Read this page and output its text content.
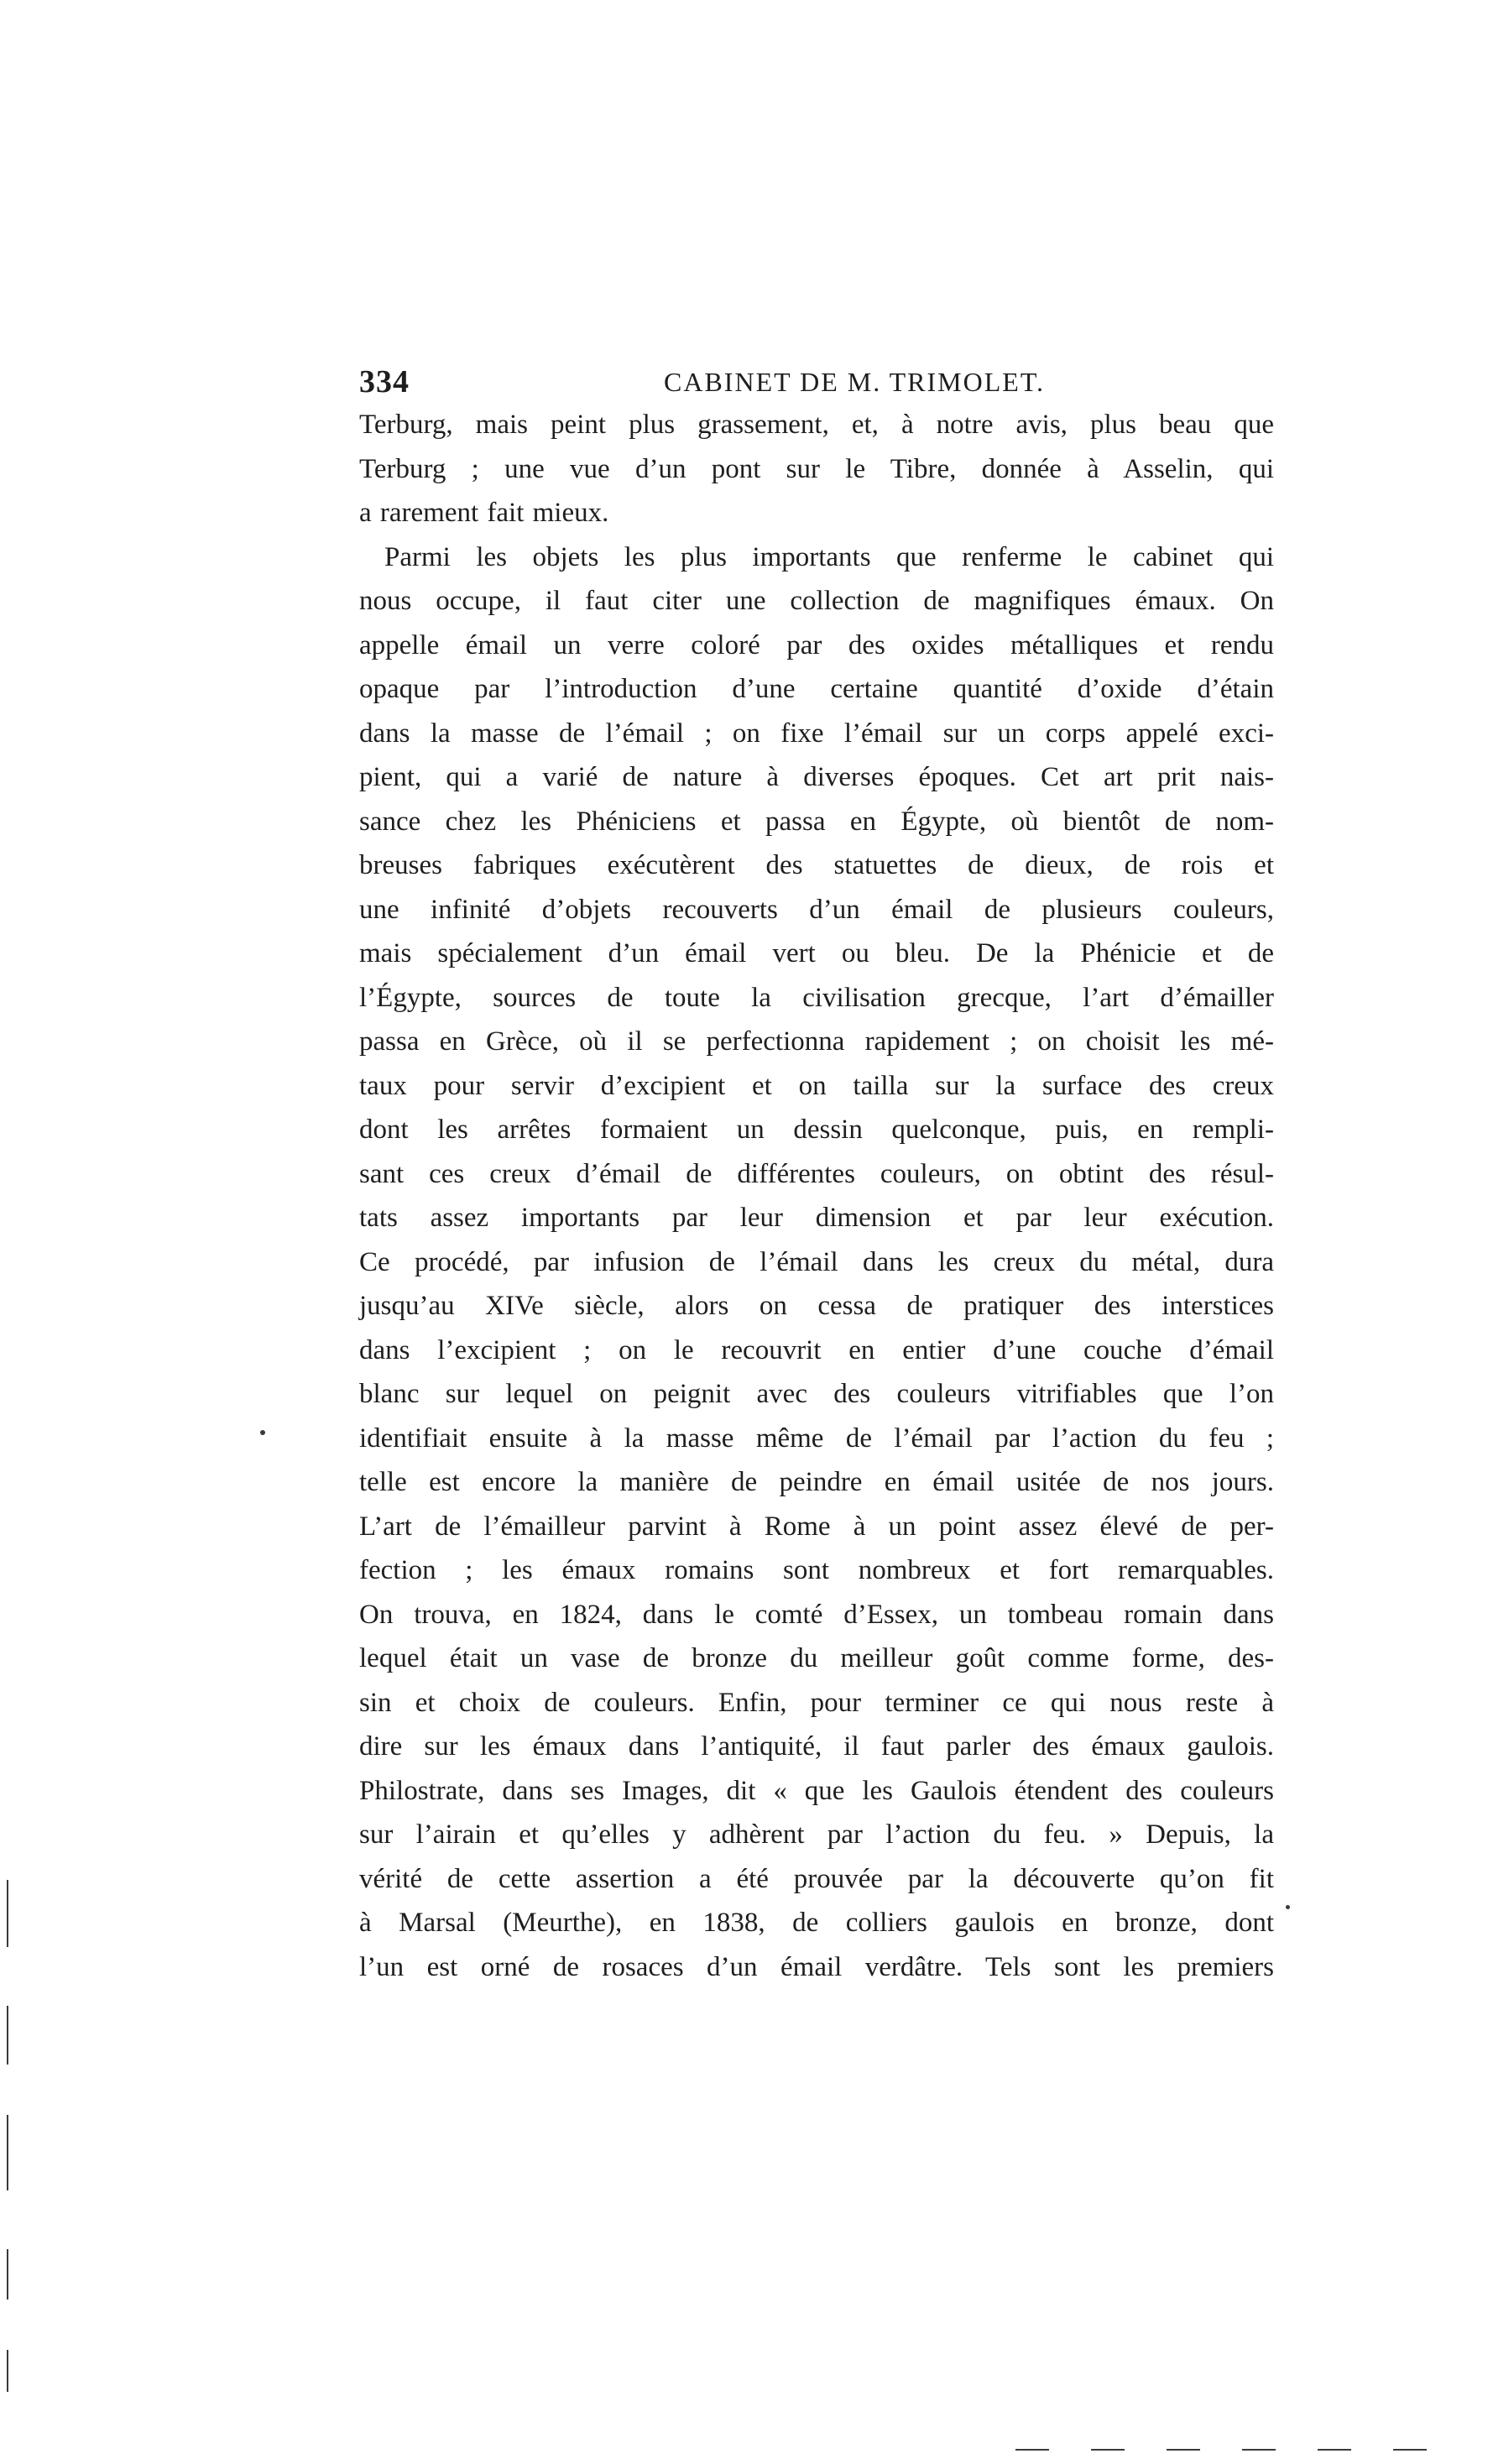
334	CABINET DE M. TRIMOLET.
Terburg, mais peint plus grassement, et, à notre avis, plus beau que
Terburg ; une vue d’un pont sur le Tibre, donnée à Asselin, qui
a rarement fait mieux.
Parmi les objets les plus importants que renferme le cabinet qui
nous occupe, il faut citer une collection de magnifiques émaux. On
appelle émail un verre coloré par des oxides métalliques et rendu
opaque par l’introduction d’une certaine quantité d’oxide d’étain
dans la masse de l’émail ; on fixe l’émail sur un corps appelé exci-
pient, qui a varié de nature à diverses époques. Cet art prit nais-
sance chez les Phéniciens et passa en Égypte, où bientôt de nom-
breuses fabriques exécutèrent des statuettes de dieux, de rois et
une infinité d’objets recouverts d’un émail de plusieurs couleurs,
mais spécialement d’un émail vert ou bleu. De la Phénicie et de
l’Égypte, sources de toute la civilisation grecque, l’art d’émailler
passa en Grèce, où il se perfectionna rapidement ; on choisit les mé-
taux pour servir d’excipient et on tailla sur la surface des creux
dont les arrêtes formaient un dessin quelconque, puis, en rempli-
sant ces creux d’émail de différentes couleurs, on obtint des résul-
tats assez importants par leur dimension et par leur exécution.
Ce procédé, par infusion de l’émail dans les creux du métal, dura
jusqu’au XIVe siècle, alors on cessa de pratiquer des interstices
dans l’excipient ; on le recouvrit en entier d’une couche d’émail
blanc sur lequel on peignit avec des couleurs vitrifiables que l’on
identifiait ensuite à la masse même de l’émail par l’action du feu ;
telle est encore la manière de peindre en émail usitée de nos jours.
L’art de l’émailleur parvint à Rome à un point assez élevé de per-
fection ; les émaux romains sont nombreux et fort remarquables.
On trouva, en 1824, dans le comté d’Essex, un tombeau romain dans
lequel était un vase de bronze du meilleur goût comme forme, des-
sin et choix de couleurs. Enfin, pour terminer ce qui nous reste à
dire sur les émaux dans l’antiquité, il faut parler des émaux gaulois.
Philostrate, dans ses Images, dit « que les Gaulois étendent des couleurs
sur l’airain et qu’elles y adhèrent par l’action du feu. » Depuis, la
vérité de cette assertion a été prouvée par la découverte qu’on fit
à Marsal (Meurthe), en 1838, de colliers gaulois en bronze, dont
l’un est orné de rosaces d’un émail verdâtre. Tels sont les premiers
